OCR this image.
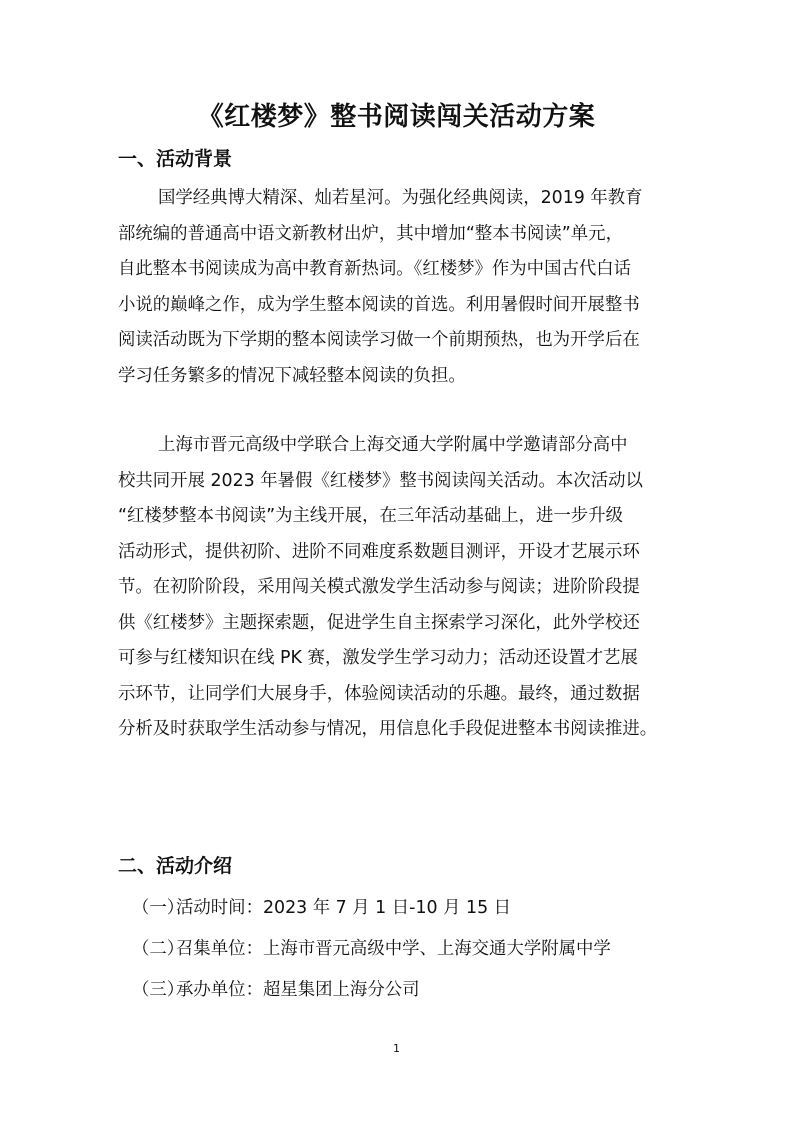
《红楼梦》整书阅读闯关活动方案
一、活动背景
国学经典博大精深、灿若星河。为强化经典阅读，2019 年教育
部统编的普通高中语文新教材出炉，其中增加“整本书阅读”单元，
自此整本书阅读成为高中教育新热词。《红楼梦》作为中国古代白话
小说的巅峰之作，成为学生整本阅读的首选。利用暑假时间开展整书
阅读活动既为下学期的整本阅读学习做一个前期预热，也为开学后在
学习任务繁多的情况下减轻整本阅读的负担。
上海市晋元高级中学联合上海交通大学附属中学邀请部分高中
校共同开展 2023 年暑假《红楼梦》整书阅读闯关活动。本次活动以
“红楼梦整本书阅读”为主线开展，在三年活动基础上，进一步升级
活动形式，提供初阶、进阶不同难度系数题目测评，开设才艺展示环
节。在初阶阶段，采用闯关模式激发学生活动参与阅读；进阶阶段提
供《红楼梦》主题探索题，促进学生自主探索学习深化，此外学校还
可参与红楼知识在线 PK 赛，激发学生学习动力；活动还设置才艺展
示环节，让同学们大展身手，体验阅读活动的乐趣。最终，通过数据
分析及时获取学生活动参与情况，用信息化手段促进整本书阅读推进。
二、活动介绍

（一）活动时间：2023 年 7 月 1 日-10 月 15 日

（二）召集单位：上海市晋元高级中学、上海交通大学附属中学

（三）承办单位：超星集团上海分公司

1
